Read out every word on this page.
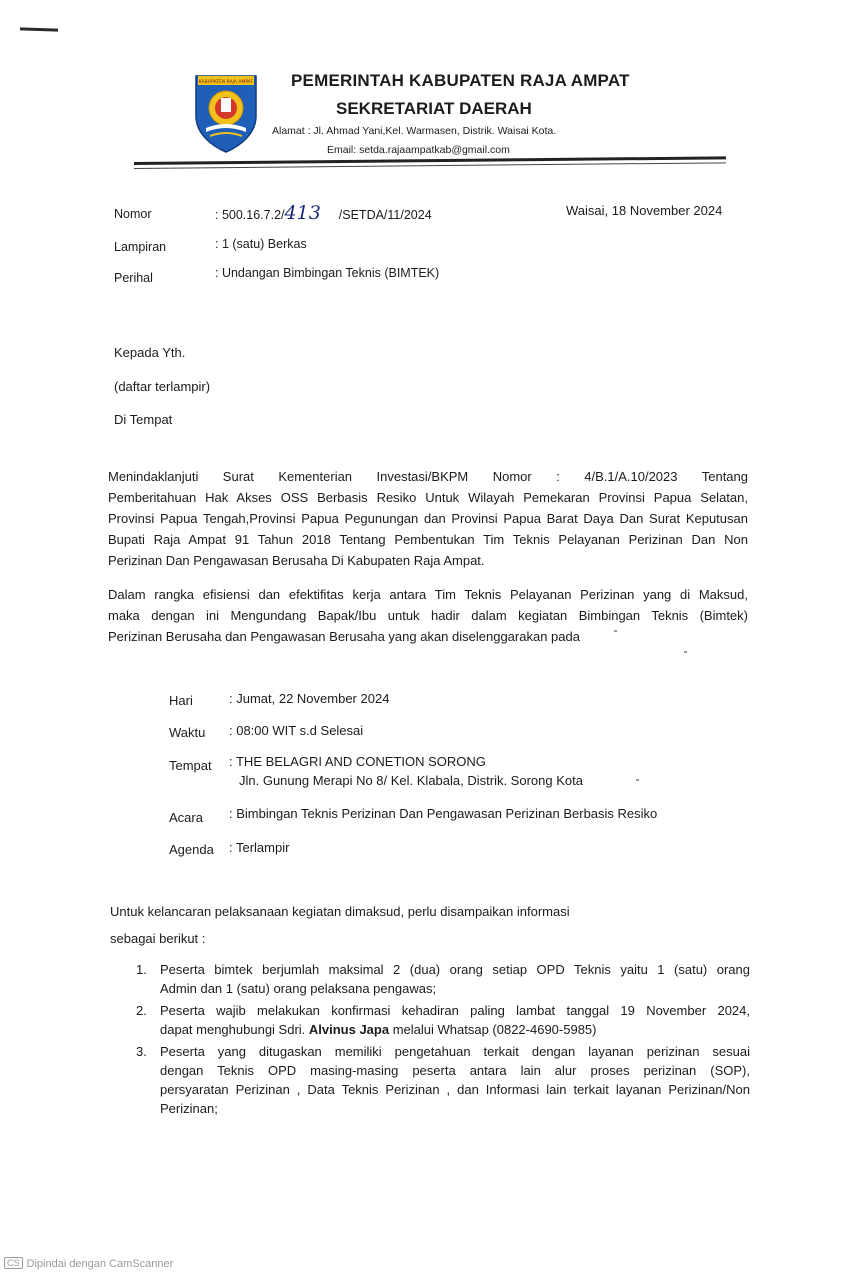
KABUPATEN RAJA AMPAT PEMERINTAH KABUPATEN RAJA AMPAT
SEKRETARIAT DAERAH
Alamat : Jl. Ahmad Yani,Kel. Warmasen, Distrik. Waisai Kota.
Email: setda.rajaampatkab@gmail.com
Nomor	: 500.16.7.2/413 /SETDA/11/2024	Waisai, 18 November 2024
Lampiran	: 1 (satu) Berkas
Perihal	: Undangan Bimbingan Teknis (BIMTEK)
Kepada Yth.
(daftar terlampir)
Di Tempat
Menindaklanjuti Surat Kementerian Investasi/BKPM Nomor : 4/B.1/A.10/2023 Tentang
Pemberitahuan Hak Akses OSS Berbasis Resiko Untuk Wilayah Pemekaran Provinsi Papua Selatan,
Provinsi Papua Tengah,Provinsi Papua Pegunungan dan Provinsi Papua Barat Daya Dan Surat Keputusan
Bupati Raja Ampat 91 Tahun 2018 Tentang Pembentukan Tim Teknis Pelayanan Perizinan Dan Non
Perizinan Dan Pengawasan Berusaha Di Kabupaten Raja Ampat.
Dalam rangka efisiensi dan efektifitas kerja antara Tim Teknis Pelayanan Perizinan yang di Maksud,
maka dengan ini Mengundang Bapak/Ibu untuk hadir dalam kegiatan Bimbingan Teknis (Bimtek)
Perizinan Berusaha dan Pengawasan Berusaha yang akan diselenggarakan pada
Hari	: Jumat, 22 November 2024
Waktu : 08:00 WIT s.d Selesai
Tempat : THE BELAGRI AND CONETION SORONG
Jln. Gunung Merapi No 8/ Kel. Klabala, Distrik. Sorong Kota
Acara : Bimbingan Teknis Perizinan Dan Pengawasan Perizinan Berbasis Resiko
Agenda : Terlampir
Untuk kelancaran pelaksanaan kegiatan dimaksud, perlu disampaikan informasi
sebagai berikut :
1. Peserta bimtek berjumlah maksimal 2 (dua) orang setiap OPD Teknis yaitu 1 (satu) orang
Admin dan 1 (satu) orang pelaksana pengawas;
2. Peserta wajib melakukan konfirmasi kehadiran paling lambat tanggal 19 November 2024,
dapat menghubungi Sdri. Alvinus Japa melalui Whatsap (0822-4690-5985)
3. Peserta yang ditugaskan memiliki pengetahuan terkait dengan layanan perizinan sesuai
dengan Teknis OPD masing-masing peserta antara lain alur proses perizinan (SOP),
persyaratan Perizinan , Data Teknis Perizinan , dan Informasi lain terkait layanan Perizinan/Non
Perizinan;
CS Dipindai dengan CamScanner
